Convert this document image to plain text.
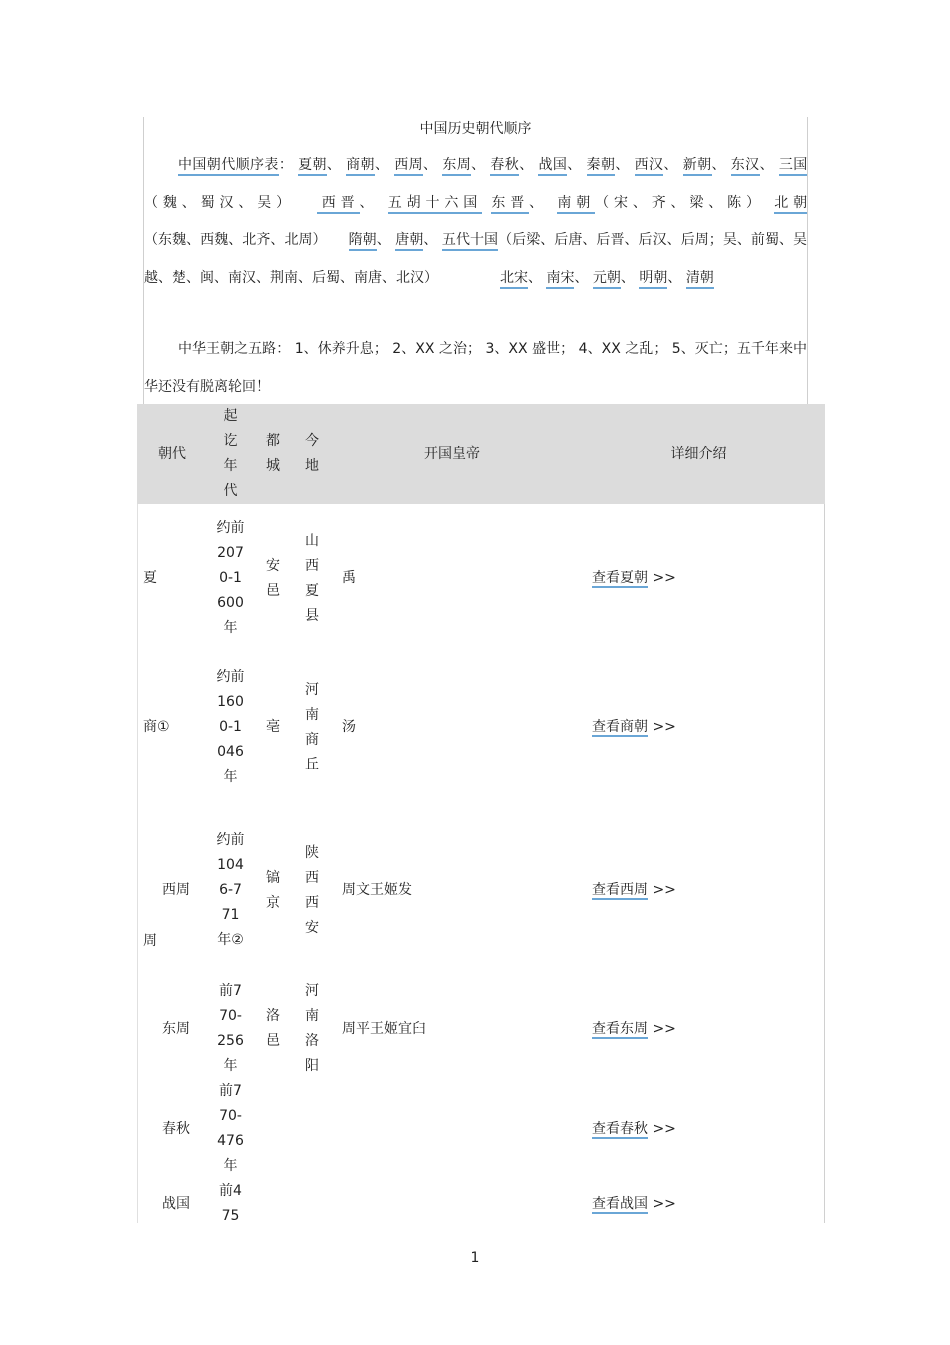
中国历史朝代顺序
中国朝代顺序表： 夏朝、 商朝、 西周、 东周、 春秋、 战国、 秦朝、 西汉、 新朝、 东汉、 三国（魏、蜀汉、吴） 西晋、 五胡十六国 东晋、 南朝（宋、齐、梁、陈） 北朝（东魏、西魏、北齐、北周） 隋朝、 唐朝、 五代十国（后梁、后唐、后晋、后汉、后周；吴、前蜀、吴越、楚、闽、南汉、荆南、后蜀、南唐、北汉）	北宋、 南宋、 元朝、 明朝、 清朝
中华王朝之五路： 1、休养升息； 2、XX 之治； 3、XX 盛世； 4、XX 之乱； 5、灭亡；五千年来中华还没有脱离轮回！
朝代	起讫年代	都城	今地	开国皇帝	详细介绍
夏	约前2070-1600年	安邑	山西夏县	禹	查看夏朝 >>
商①	约前1600-1046年	亳	河南商丘	汤	查看商朝 >>
西周	约前1046-771年②	镐京	陕西西安	周文王姬发	查看西周 >>
东周	前770-256年	洛邑	河南洛阳	周平王姬宜臼	查看东周 >>
春秋	前770-476年				查看春秋 >>
战国	前475				查看战国 >>
周
1
